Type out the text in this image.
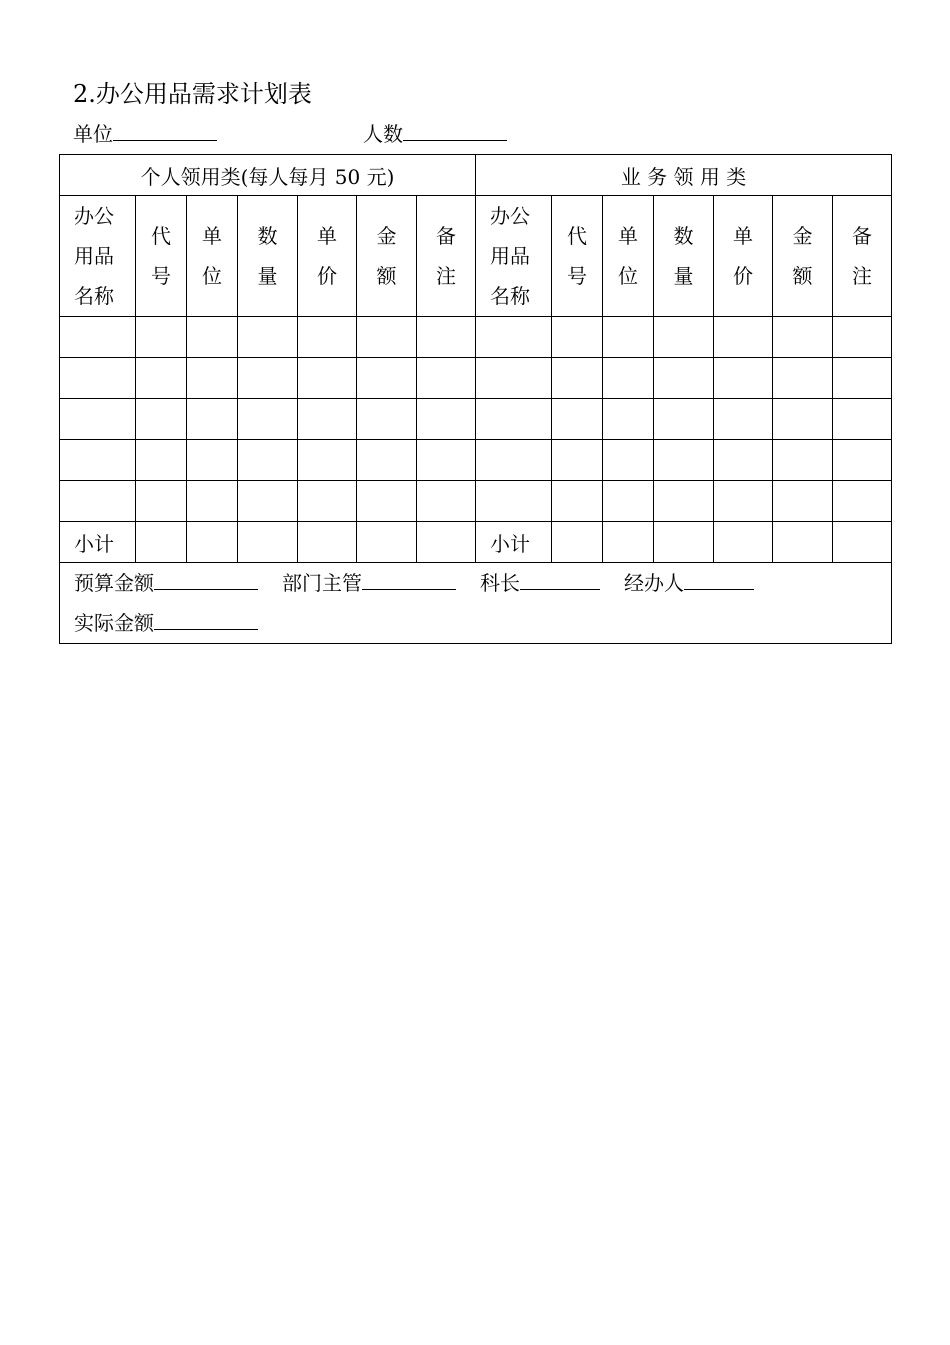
2.办公用品需求计划表
单位	人数
个人领用类(每人每月 50 元)							业 务 领 用 类						
办公用品名称	代号	单位	数量	单价	金额	备注	办公用品名称	代号	单位	数量	单价	金额	备注

小计							小计						

预算金额 部门主管 科长 经办人
实际金额													
